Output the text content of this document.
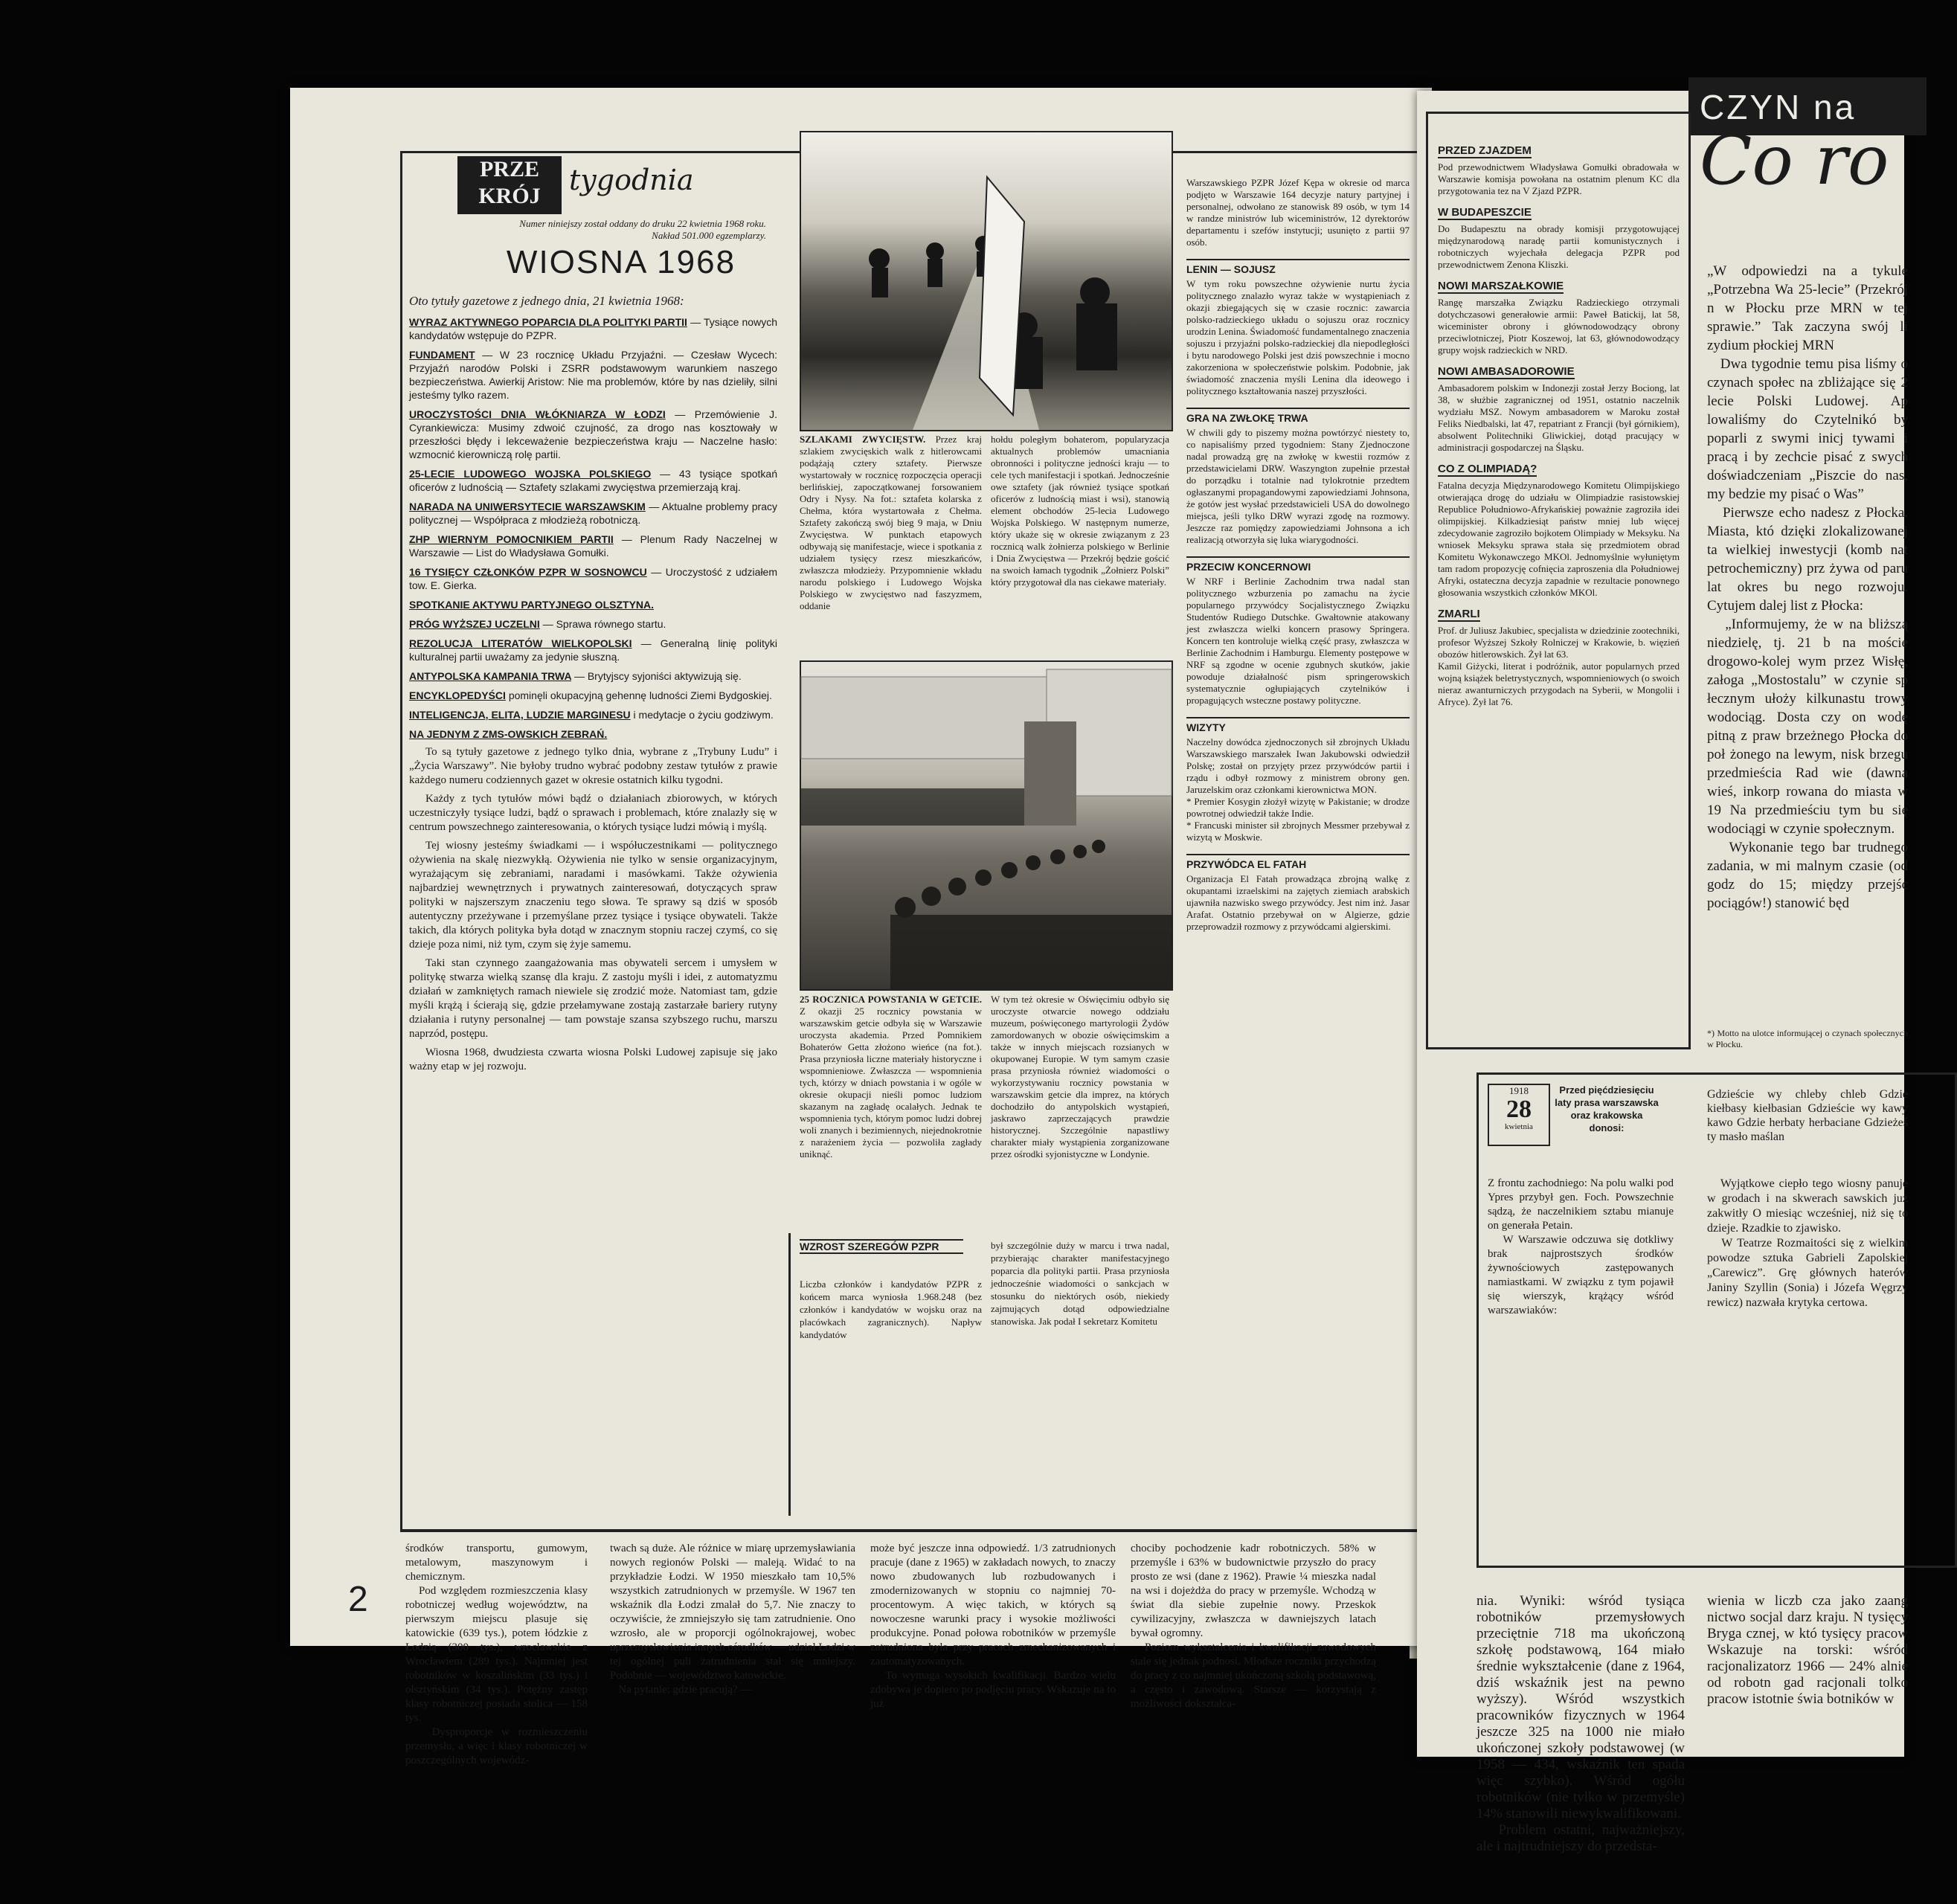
PRZE
KRÓJ	tygodnia
Numer niniejszy został oddany do druku 22 kwietnia 1968 roku. Nakład 501.000 egzemplarzy.
WIOSNA 1968
Oto tytuły gazetowe z jednego dnia, 21 kwietnia 1968:
WYRAZ AKTYWNEGO POPARCIA DLA POLITYKI PARTII — Tysiące nowych kandydatów wstępuje do PZPR.
FUNDAMENT — W 23 rocznicę Układu Przyjaźni. — Czesław Wycech: Przyjaźń narodów Polski i ZSRR podstawowym warunkiem naszego bezpieczeństwa. Awierkij Aristow: Nie ma problemów, które by nas dzieliły, silni jesteśmy tylko razem.
UROCZYSTOŚCI DNIA WŁÓKNIARZA W ŁODZI — Przemówienie J. Cyrankiewicza: Musimy zdwoić czujność, za drogo nas kosztowały w przeszłości błędy i lekceważenie bezpieczeństwa kraju — Naczelne hasło: wzmocnić kierowniczą rolę partii.
25-LECIE LUDOWEGO WOJSKA POLSKIEGO — 43 tysiące spotkań oficerów z ludnością — Sztafety szlakami zwycięstwa przemierzają kraj.
NARADA NA UNIWERSYTECIE WARSZAWSKIM — Aktualne problemy pracy politycznej — Współpraca z młodzieżą robotniczą.
ZHP WIERNYM POMOCNIKIEM PARTII — Plenum Rady Naczelnej w Warszawie — List do Władysława Gomułki.
16 TYSIĘCY CZŁONKÓW PZPR W SOSNOWCU — Uroczystość z udziałem tow. E. Gierka.
SPOTKANIE AKTYWU PARTYJNEGO OLSZTYNA.
PRÓG WYŻSZEJ UCZELNI — Sprawa równego startu.
REZOLUCJA LITERATÓW WIELKOPOLSKI — Generalną linię polityki kulturalnej partii uważamy za jedynie słuszną.
ANTYPOLSKA KAMPANIA TRWA — Brytyjscy syjoniści aktywizują się.
ENCYKLOPEDYŚCI pominęli okupacyjną gehennę ludności Ziemi Bydgoskiej.
INTELIGENCJA, ELITA, LUDZIE MARGINESU i medytacje o życiu godziwym.
NA JEDNYM Z ZMS-OWSKICH ZEBRAŃ.
To są tytuły gazetowe z jednego tylko dnia, wybrane z „Trybuny Ludu” i „Życia Warszawy”. Nie byłoby trudno wybrać podobny zestaw tytułów z prawie każdego numeru codziennych gazet w okresie ostatnich kilku tygodni.
Każdy z tych tytułów mówi bądź o działaniach zbiorowych, w których uczestniczyły tysiące ludzi, bądź o sprawach i problemach, które znalazły się w centrum powszechnego zainteresowania, o których tysiące ludzi mówią i myślą.
Tej wiosny jesteśmy świadkami — i współuczestnikami — politycznego ożywienia na skalę niezwykłą. Ożywienia nie tylko w sensie organizacyjnym, wyrażającym się zebraniami, naradami i masówkami. Także ożywienia najbardziej wewnętrznych i prywatnych zainteresowań, dotyczących spraw polityki w najszerszym znaczeniu tego słowa. Te sprawy są dziś w sposób autentyczny przeżywane i przemyślane przez tysiące i tysiące obywateli. Także takich, dla których polityka była dotąd w znacznym stopniu raczej czymś, co się dzieje poza nimi, niż tym, czym się żyje samemu.
Taki stan czynnego zaangażowania mas obywateli sercem i umysłem w politykę stwarza wielką szansę dla kraju. Z zastoju myśli i idei, z automatyzmu działań w zamkniętych ramach niewiele się zrodzić może. Natomiast tam, gdzie myśli krążą i ścierają się, gdzie przełamywane zostają zastarzałe bariery rutyny działania i rutyny personalnej — tam powstaje szansa szybszego ruchu, marszu naprzód, postępu.
Wiosna 1968, dwudziesta czwarta wiosna Polski Ludowej zapisuje się jako ważny etap w jej rozwoju.
SZLAKAMI ZWYCIĘSTW. Przez kraj szlakiem zwycięskich walk z hitlerowcami podążają cztery sztafety. Pierwsze wystartowały w rocznicę rozpoczęcia operacji berlińskiej, zapoczątkowanej forsowaniem Odry i Nysy. Na fot.: sztafeta kolarska z Chełma, która wystartowała z Chełma. Sztafety zakończą swój bieg 9 maja, w Dniu Zwycięstwa. W punktach etapowych odbywają się manifestacje, wiece i spotkania z udziałem tysięcy rzesz mieszkańców, zwłaszcza młodzieży. Przypomnienie wkładu narodu polskiego i Ludowego Wojska Polskiego w zwycięstwo nad faszyzmem, oddanie
hołdu poległym bohaterom, popularyzacja aktualnych problemów umacniania obronności i polityczne jedności kraju — to cele tych manifestacji i spotkań. Jednocześnie owe sztafety (jak również tysiące spotkań oficerów z ludnością miast i wsi), stanowią element obchodów 25-lecia Ludowego Wojska Polskiego. W następnym numerze, który ukaże się w okresie związanym z 23 rocznicą walk żołnierza polskiego w Berlinie i Dnia Zwycięstwa — Przekrój będzie gościć na swoich łamach tygodnik „Żołnierz Polski” który przygotował dla nas ciekawe materiały.
25 ROCZNICA POWSTANIA W GETCIE. Z okazji 25 rocznicy powstania w warszawskim getcie odbyła się w Warszawie uroczysta akademia. Przed Pomnikiem Bohaterów Getta złożono wieńce (na fot.). Prasa przyniosła liczne materiały historyczne i wspomnieniowe. Zwłaszcza — wspomnienia tych, którzy w dniach powstania i w ogóle w okresie okupacji nieśli pomoc ludziom skazanym na zagładę ocalałych. Jednak te wspomnienia tych, którym pomoc ludzi dobrej woli znanych i bezimiennych, niejednokrotnie z narażeniem życia — pozwoliła zagłady uniknąć.
W tym też okresie w Oświęcimiu odbyło się uroczyste otwarcie nowego oddziału muzeum, poświęconego martyrologii Żydów zamordowanych w obozie oświęcimskim a także w innych miejscach rozsianych w okupowanej Europie. W tym samym czasie prasa przyniosła również wiadomości o wykorzystywaniu rocznicy powstania w warszawskim getcie dla imprez, na których dochodziło do antypolskich wystąpień, jaskrawo zaprzeczających prawdzie historycznej. Szczególnie napastliwy charakter miały wystąpienia zorganizowane przez ośrodki syjonistyczne w Londynie.
WZROST SZEREGÓW PZPR
Liczba członków i kandydatów PZPR z końcem marca wyniosła 1.968.248 (bez członków i kandydatów w wojsku oraz na placówkach zagranicznych). Napływ kandydatów
był szczególnie duży w marcu i trwa nadal, przybierając charakter manifestacyjnego poparcia dla polityki partii. Prasa przyniosła jednocześnie wiadomości o sankcjach w stosunku do niektórych osób, niekiedy zajmujących dotąd odpowiedzialne stanowiska. Jak podał I sekretarz Komitetu
Warszawskiego PZPR Józef Kępa w okresie od marca podjęto w Warszawie 164 decyzje natury partyjnej i personalnej, odwołano ze stanowisk 89 osób, w tym 14 w randze ministrów lub wiceministrów, 12 dyrektorów departamentu i szefów instytucji; usunięto z partii 97 osób.
LENIN — SOJUSZ
W tym roku powszechne ożywienie nurtu życia politycznego znalazło wyraz także w wystąpieniach z okazji zbiegających się w czasie rocznic: zawarcia polsko-radzieckiego układu o sojuszu oraz rocznicy urodzin Lenina. Świadomość fundamentalnego znaczenia sojuszu i przyjaźni polsko-radzieckiej dla niepodległości i bytu narodowego Polski jest dziś powszechnie i mocno zakorzeniona w społeczeństwie polskim. Podobnie, jak świadomość znaczenia myśli Lenina dla ideowego i politycznego kształtowania naszej przyszłości.
GRA NA ZWŁOKĘ TRWA
W chwili gdy to piszemy można powtórzyć niestety to, co napisaliśmy przed tygodniem: Stany Zjednoczone nadal prowadzą grę na zwłokę w kwestii rozmów z przedstawicielami DRW. Waszyngton zupełnie przestał do porządku i totalnie nad tylokrotnie przedtem ogłaszanymi propagandowymi zapowiedziami Johnsona, że gotów jest wysłać przedstawicieli USA do dowolnego miejsca, jeśli tylko DRW wyrazi zgodę na rozmowy. Jeszcze raz pomiędzy zapowiedziami Johnsona a ich realizacją otworzyła się luka wiarygodności.
PRZECIW KONCERNOWI
W NRF i Berlinie Zachodnim trwa nadal stan politycznego wzburzenia po zamachu na życie popularnego przywódcy Socjalistycznego Związku Studentów Rudiego Dutschke. Gwałtownie atakowany jest zwłaszcza wielki koncern prasowy Springera. Koncern ten kontroluje wielką część prasy, zwłaszcza w Berlinie Zachodnim i Hamburgu. Elementy postępowe w NRF są zgodne w ocenie zgubnych skutków, jakie powoduje działalność pism springerowskich systematycznie ogłupiających czytelników i propagujących wsteczne postawy polityczne.
WIZYTY
Naczelny dowódca zjednoczonych sił zbrojnych Układu Warszawskiego marszałek Iwan Jakubowski odwiedził Polskę; został on przyjęty przez przywódców partii i rządu i odbył rozmowy z ministrem obrony gen. Jaruzelskim oraz członkami kierownictwa MON.
* Premier Kosygin złożył wizytę w Pakistanie; w drodze powrotnej odwiedził także Indie.
* Francuski minister sił zbrojnych Messmer przebywał z wizytą w Moskwie.
PRZYWÓDCA EL FATAH
Organizacja El Fatah prowadząca zbrojną walkę z okupantami izraelskimi na zajętych ziemiach arabskich ujawniła nazwisko swego przywódcy. Jest nim inż. Jasar Arafat. Ostatnio przebywał on w Algierze, gdzie przeprowadził rozmowy z przywódcami algierskimi.
środków transportu, gumowym, metalowym, maszynowym i chemicznym.
Pod względem rozmieszczenia klasy robotniczej według województw, na pierwszym miejscu plasuje się katowickie (639 tys.), potem łódzkie z Łodzią (300 tys.), wrocławskie z Wrocławiem (289 tys.). Najmniej jest robotników w koszalińskim (33 tys.) i olsztyńskim (34 tys.). Potężny zastęp klasy robotniczej posiada stolica — 158 tys.
Dysproporcje w rozmieszczeniu przemysłu, a więc i klasy robotniczej w poszczególnych wojewódz-
twach są duże. Ale różnice w miarę uprzemysławiania nowych regionów Polski — maleją. Widać to na przykładzie Łodzi. W 1950 mieszkało tam 10,5% wszystkich zatrudnionych w przemyśle. W 1967 ten wskaźnik dla Łodzi zmalał do 5,7. Nie znaczy to oczywiście, że zmniejszyło się tam zatrudnienie. Ono wzrosło, ale w proporcji ogólnokrajowej, wobec uprzemysłowienia innych ośrodków — udział Łodzi w tej ogólnej puli zatrudnienia stał się mniejszy. Podobnie — województwo katowickie.
Na pytanie: gdzie pracują? —
może być jeszcze inna odpowiedź. 1/3 zatrudnionych pracuje (dane z 1965) w zakładach nowych, to znaczy nowo zbudowanych lub rozbudowanych i zmodernizowanych w stopniu co najmniej 70-procentowym. A więc takich, w których są nowoczesne warunki pracy i wysokie możliwości produkcyjne. Ponad połowa robotników w przemyśle zatrudniona była przy pracach zmechanizowanych i zautomatyzowanych.
To wymaga wysokich kwalifikacji. Bardzo wielu zdobywa je dopiero po podjęciu pracy. Wskazuje na to już
chociby pochodzenie kadr robotniczych. 58% w przemyśle i 63% w budownictwie przyszło do pracy prosto ze wsi (dane z 1962). Prawie ¼ mieszka nadal na wsi i dojeżdża do pracy w przemyśle. Wchodzą w świat dla siebie zupełnie nowy. Przeskok cywilizacyjny, zwłaszcza w dawniejszych latach bywał ogromny.
Poziom wykształcenia i kwalifikacji zawodowych stale się jednak podnosi. Młodsze roczniki przychodzą do pracy z co najmniej ukończoną szkołą podstawową, a często i zawodową. Starsze — korzystają z możliwości dokształca-
2
CZYN na
Co ro
PRZED ZJAZDEM
Pod przewodnictwem Władysława Gomułki obradowała w Warszawie komisja powołana na ostatnim plenum KC dla przygotowania tez na V Zjazd PZPR.
W BUDAPESZCIE
Do Budapesztu na obrady komisji przygotowującej międzynarodową naradę partii komunistycznych i robotniczych wyjechała delegacja PZPR pod przewodnictwem Zenona Kliszki.
NOWI MARSZAŁKOWIE
Rangę marszałka Związku Radzieckiego otrzymali dotychczasowi generałowie armii: Paweł Batickij, lat 58, wiceminister obrony i głównodowodzący obrony przeciwlotniczej, Piotr Koszewoj, lat 63, głównodowodzący grupy wojsk radzieckich w NRD.
NOWI AMBASADOROWIE
Ambasadorem polskim w Indonezji został Jerzy Bociong, lat 38, w służbie zagranicznej od 1951, ostatnio naczelnik wydziału MSZ. Nowym ambasadorem w Maroku został Feliks Niedbalski, lat 47, repatriant z Francji (był górnikiem), absolwent Politechniki Gliwickiej, dotąd pracujący w administracji gospodarczej na Śląsku.
CO Z OLIMPIADĄ?
Fatalna decyzja Międzynarodowego Komitetu Olimpijskiego otwierająca drogę do udziału w Olimpiadzie rasistowskiej Republice Południowo-Afrykańskiej poważnie zagroziła idei olimpijskiej. Kilkadziesiąt państw mniej lub więcej zdecydowanie zagroziło bojkotem Olimpiady w Meksyku. Na wniosek Meksyku sprawa stała się przedmiotem obrad Komitetu Wykonawczego MKOl. Jednomyślnie wyłuniętym tam radom propozycję cofnięcia zaproszenia dla Południowej Afryki, ostateczna decyzja zapadnie w rezultacie ponownego głosowania wszystkich członków MKOl.
ZMARLI
Prof. dr Juliusz Jakubiec, specjalista w dziedzinie zootechniki, profesor Wyższej Szkoły Rolniczej w Krakowie, b. więzień obozów hitlerowskich. Żył lat 63.
Kamil Giżycki, literat i podróżnik, autor popularnych przed wojną książek beletrystycznych, wspomnieniowych (o swoich nieraz awanturniczych przygodach na Syberii, w Mongolii i Afryce). Żył lat 76.
„W odpowiedzi na a tykule „Potrzebna Wa 25-lecie” (Przekrój n w Płocku prze MRN w tej sprawie.” Tak zaczyna swój li zydium płockiej MRN
Dwa tygodnie temu pisa liśmy o czynach społec na zbliżające się 2 lecie Polski Ludowej. Ap lowaliśmy do Czytelnikó by poparli z swymi inicj tywami i pracą i by zechcie pisać z swych doświadczeniam „Piszcie do nas, my bedzie my pisać o Was”
Pierwsze echo nadesz z Płocka. Miasta, któ dzięki zlokalizowanej ta wielkiej inwestycji (komb nat petrochemiczny) prz żywa od paru lat okres bu nego rozwoju. Cytujem dalej list z Płocka:
„Informujemy, że w na bliższą niedzielę, tj. 21 b na moście drogowo-kolej wym przez Wisłę, załoga „Mostostalu” w czynie sp łecznym ułoży kilkunastu trowy wodociąg. Dosta czy on wodę pitną z praw brzeżnego Płocka do poł żonego na lewym, nisk brzegu przedmieścia Rad wie (dawna wieś, inkorp rowana do miasta w 19 Na przedmieściu tym bu się wodociągi w czynie społecznym.
Wykonanie tego bar trudnego zadania, w mi malnym czasie (od godz do 15; między przejśc pociągów!) stanowić będ
*) Motto na ulotce informującej o czynach społecznych w Płocku.
1918
28
kwietnia
Przed pięćdziesięciu laty prasa warszawska oraz krakowska donosi:
Z frontu zachodniego: Na polu walki pod Ypres przybył gen. Foch. Powszechnie sądzą, że naczelnikiem sztabu mianuje on generała Petain.
W Warszawie odczuwa się dotkliwy brak najprostszych środków żywnościowych zastępowanych namiastkami. W związku z tym pojawił się wierszyk, krążący wśród warszawiaków:
Gdzieście wy chleby chleb Gdzie kiełbasy kiełbasian Gdzieście wy kawy kawo Gdzie herbaty herbaciane Gdzieżeś ty masło maślan
Wyjątkowe ciepło tego wiosny panuje w grodach i na skwerach sawskich już zakwitły O miesiąc wcześniej, niż się to dzieje. Rzadkie to zjawisko.
W Teatrze Rozmaitości się z wielkim powodze sztuka Gabrieli Zapolskiej „Carewicz”. Grę głównych haterów Janiny Szyllin (Sonia) i Józefa Węgrzy rewicz) nazwała krytyka certowa.
nia. Wyniki: wśród tysiąca robotników przemysłowych przeciętnie 718 ma ukończoną szkołę podstawową, 164 miało średnie wykształcenie (dane z 1964, dziś wskaźnik jest na pewno wyższy). Wśród wszystkich pracowników fizycznych w 1964 jeszcze 325 na 1000 nie miało ukończonej szkoły podstawowej (w 1958 — 434, wskaźnik ten spada więc szybko). Wśród ogółu robotników (nie tylko w przemyśle) 14% stanowili niewykwalifikowani.
Problem ostatni, najważniejszy, ale i najtrudniejszy do przedsta-
wienia w liczb cza jako zaang nictwo socjal darz kraju. N tysięcy Bryga cznej, w któ tysięcy pracow Wskazuje na torski: wśród racjonalizatorz 1966 — 24% alnie od robotn gad racjonali tolko pracow istotnie świa botników w
